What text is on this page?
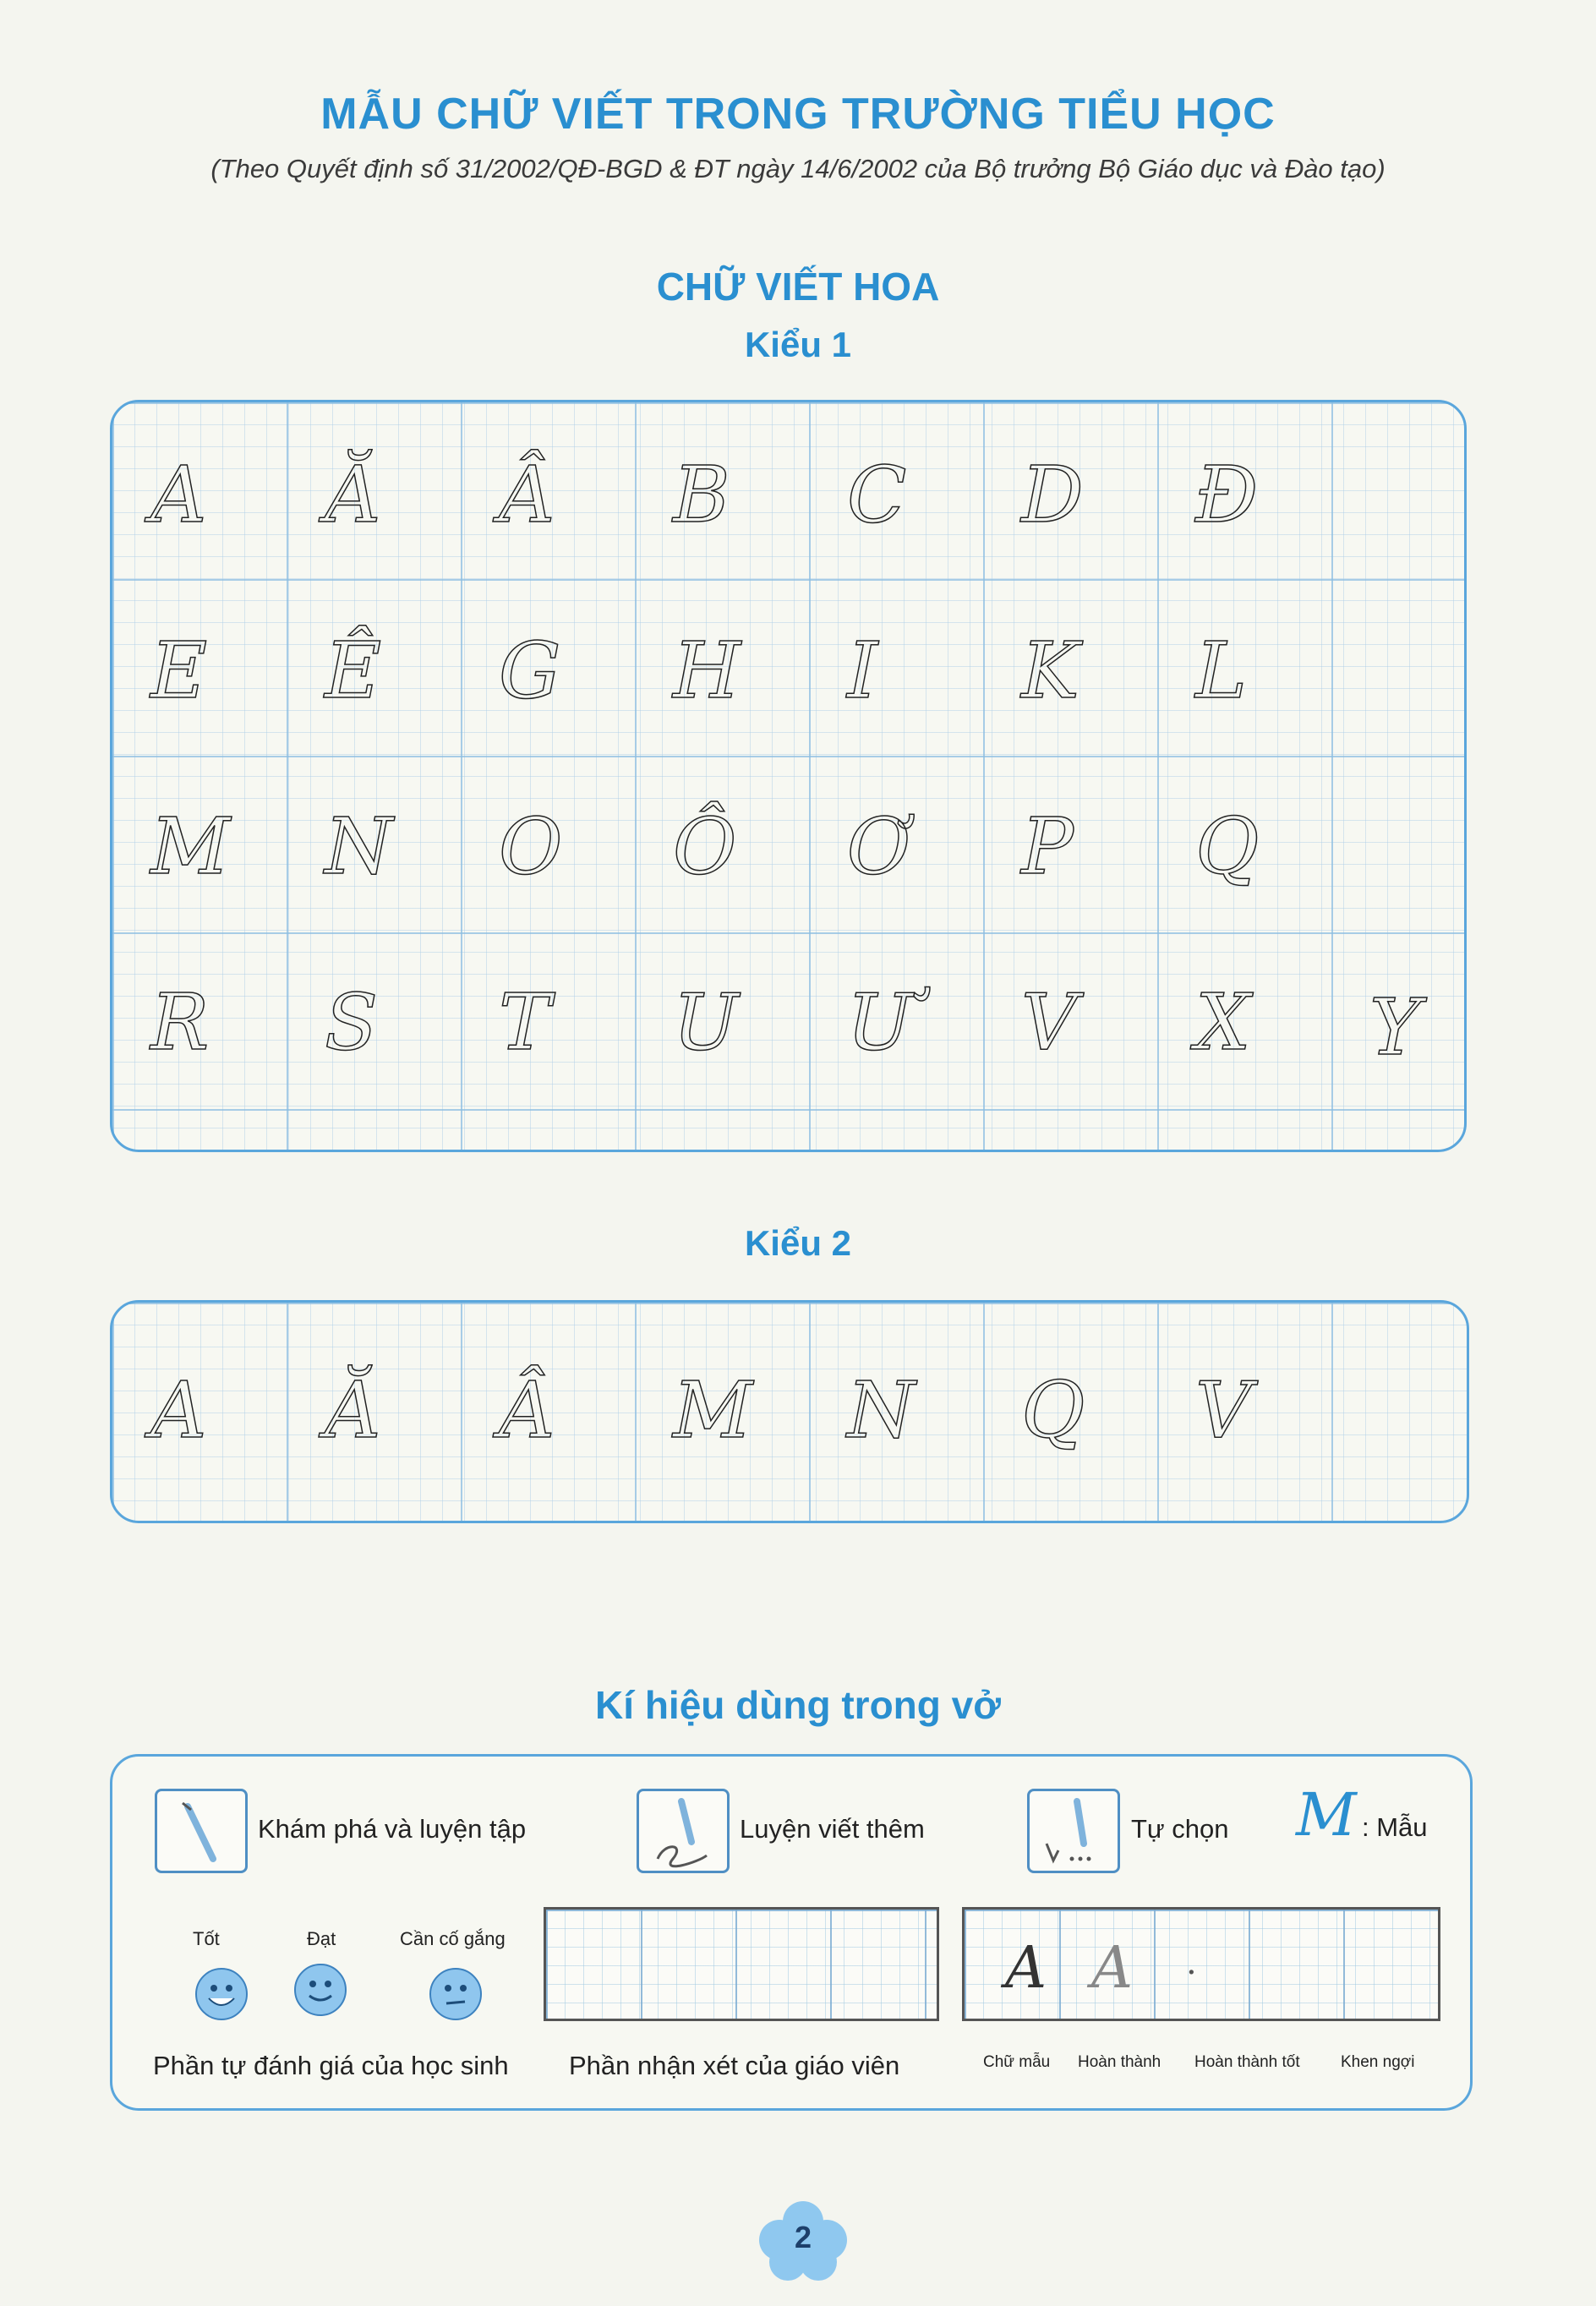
MẪU CHỮ VIẾT TRONG TRƯỜNG TIỂU HỌC
(Theo Quyết định số 31/2002/QĐ-BGD & ĐT ngày 14/6/2002 của Bộ trưởng Bộ Giáo dục và Đào tạo)
CHỮ VIẾT HOA
Kiểu 1
A	Ă	Â	B	C	D	Đ
E	Ê	G	H	I	K	L
M	N	O	Ô	Ơ	P	Q
R	S	T	U	Ư	V	X	Y
Kiểu 2
A	Ă	Â	M	N	Q	V
Kí hiệu dùng trong vở
Khám phá và luyện tập	Luyện viết thêm	Tự chọn M : Mẫu
Tốt	Đạt	Cần cố gắng	A A .
Phần tự đánh giá của học sinh Phần nhận xét của giáo viên	Chữ mẫu Hoàn thành Hoàn thành tốt	Khen ngợi
2
